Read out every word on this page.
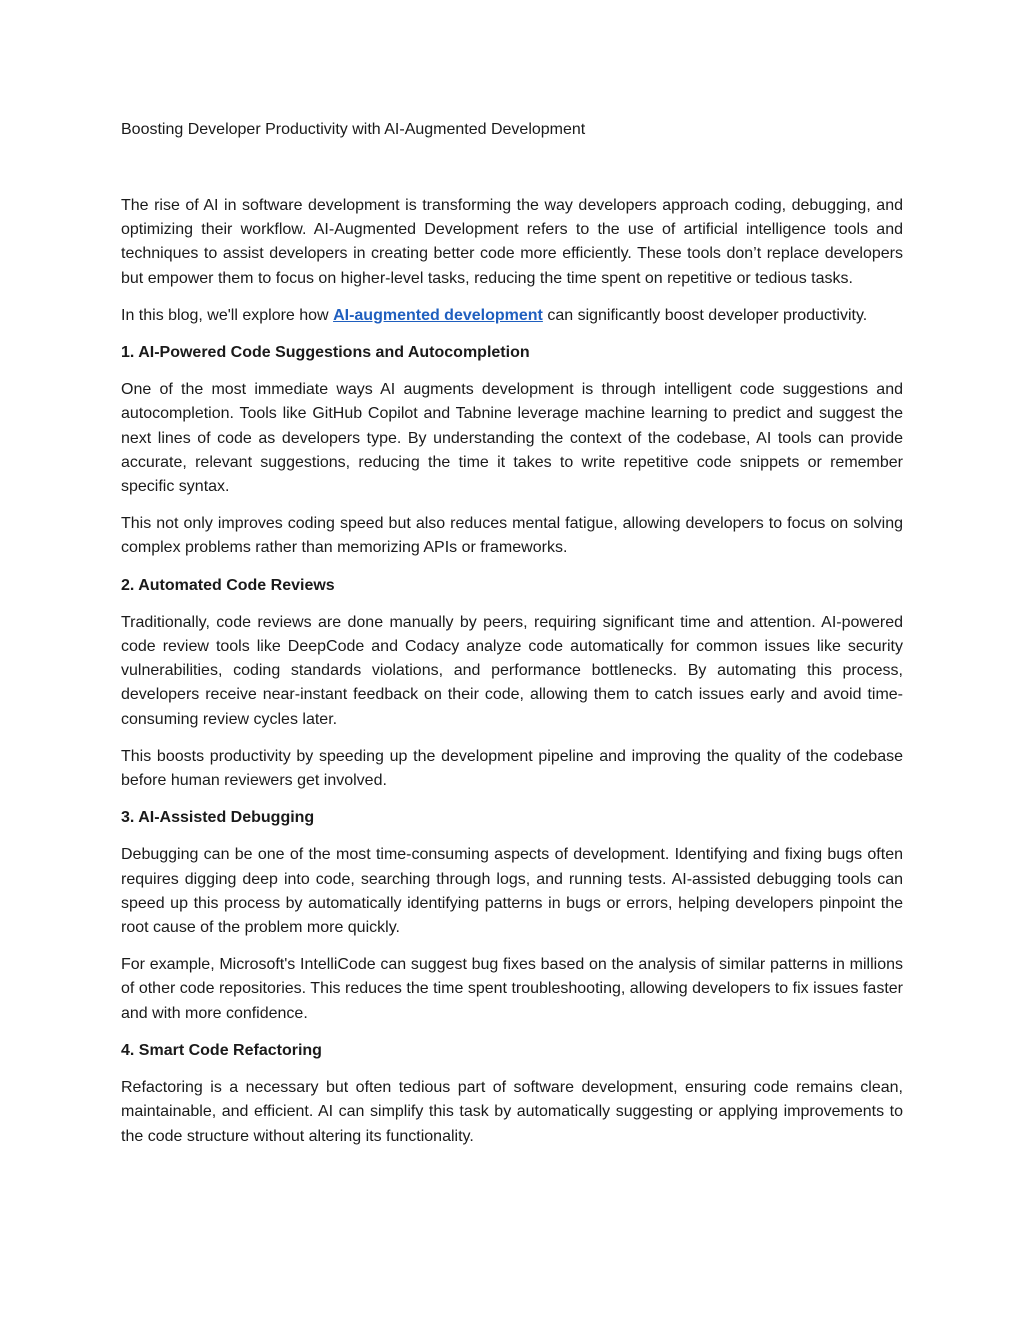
Boosting Developer Productivity with AI-Augmented Development

The rise of AI in software development is transforming the way developers approach coding, debugging, and optimizing their workflow. AI-Augmented Development refers to the use of artificial intelligence tools and techniques to assist developers in creating better code more efficiently. These tools don’t replace developers but empower them to focus on higher-level tasks, reducing the time spent on repetitive or tedious tasks.

In this blog, we'll explore how AI-augmented development can significantly boost developer productivity.

1. AI-Powered Code Suggestions and Autocompletion

One of the most immediate ways AI augments development is through intelligent code suggestions and autocompletion. Tools like GitHub Copilot and Tabnine leverage machine learning to predict and suggest the next lines of code as developers type. By understanding the context of the codebase, AI tools can provide accurate, relevant suggestions, reducing the time it takes to write repetitive code snippets or remember specific syntax.

This not only improves coding speed but also reduces mental fatigue, allowing developers to focus on solving complex problems rather than memorizing APIs or frameworks.

2. Automated Code Reviews

Traditionally, code reviews are done manually by peers, requiring significant time and attention. AI-powered code review tools like DeepCode and Codacy analyze code automatically for common issues like security vulnerabilities, coding standards violations, and performance bottlenecks. By automating this process, developers receive near-instant feedback on their code, allowing them to catch issues early and avoid time-consuming review cycles later.

This boosts productivity by speeding up the development pipeline and improving the quality of the codebase before human reviewers get involved.

3. AI-Assisted Debugging

Debugging can be one of the most time-consuming aspects of development. Identifying and fixing bugs often requires digging deep into code, searching through logs, and running tests. AI-assisted debugging tools can speed up this process by automatically identifying patterns in bugs or errors, helping developers pinpoint the root cause of the problem more quickly.

For example, Microsoft's IntelliCode can suggest bug fixes based on the analysis of similar patterns in millions of other code repositories. This reduces the time spent troubleshooting, allowing developers to fix issues faster and with more confidence.

4. Smart Code Refactoring

Refactoring is a necessary but often tedious part of software development, ensuring code remains clean, maintainable, and efficient. AI can simplify this task by automatically suggesting or applying improvements to the code structure without altering its functionality.
